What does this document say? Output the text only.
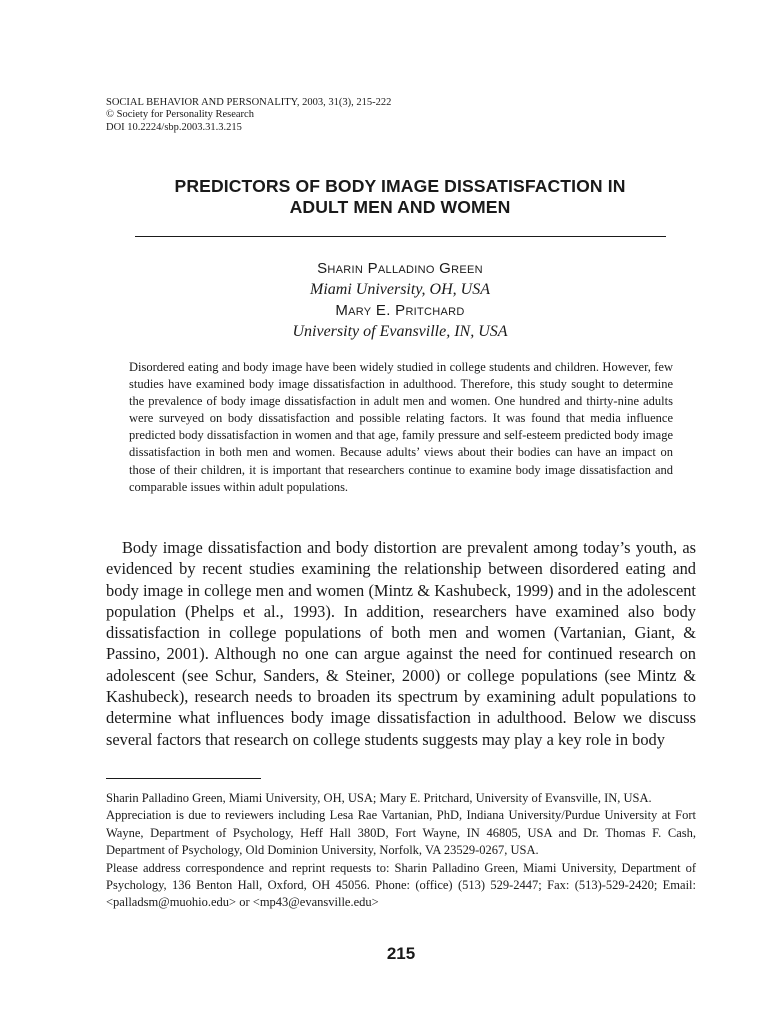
SOCIAL BEHAVIOR AND PERSONALITY, 2003, 31(3), 215-222
© Society for Personality Research
DOI 10.2224/sbp.2003.31.3.215
PREDICTORS OF BODY IMAGE DISSATISFACTION IN
ADULT MEN AND WOMEN
Sharin Palladino Green
Miami University, OH, USA
Mary E. Pritchard
University of Evansville, IN, USA
Disordered eating and body image have been widely studied in college students and children. However, few studies have examined body image dissatisfaction in adulthood. Therefore, this study sought to determine the prevalence of body image dissatisfaction in adult men and women. One hundred and thirty-nine adults were surveyed on body dissatisfaction and possible relating factors. It was found that media influence predicted body dissatisfaction in women and that age, family pressure and self-esteem predicted body image dissatisfaction in both men and women. Because adults’ views about their bodies can have an impact on those of their children, it is important that researchers continue to examine body image dissatisfaction and comparable issues within adult populations.
Body image dissatisfaction and body distortion are prevalent among today’s youth, as evidenced by recent studies examining the relationship between disordered eating and body image in college men and women (Mintz & Kashubeck, 1999) and in the adolescent population (Phelps et al., 1993). In addition, researchers have examined also body dissatisfaction in college populations of both men and women (Vartanian, Giant, & Passino, 2001). Although no one can argue against the need for continued research on adolescent (see Schur, Sanders, & Steiner, 2000) or college populations (see Mintz & Kashubeck), research needs to broaden its spectrum by examining adult populations to determine what influences body image dissatisfaction in adulthood. Below we discuss several factors that research on college students suggests may play a key role in body

Sharin Palladino Green, Miami University, OH, USA; Mary E. Pritchard, University of Evansville, IN, USA.

Appreciation is due to reviewers including Lesa Rae Vartanian, PhD, Indiana University/Purdue University at Fort Wayne, Department of Psychology, Heff Hall 380D, Fort Wayne, IN 46805, USA and Dr. Thomas F. Cash, Department of Psychology, Old Dominion University, Norfolk, VA 23529-0267, USA.

Please address correspondence and reprint requests to: Sharin Palladino Green, Miami University, Department of Psychology, 136 Benton Hall, Oxford, OH 45056. Phone: (office) (513) 529-2447; Fax: (513)-529-2420; Email:<palladsm@muohio.edu> or <mp43@evansville.edu>

215
